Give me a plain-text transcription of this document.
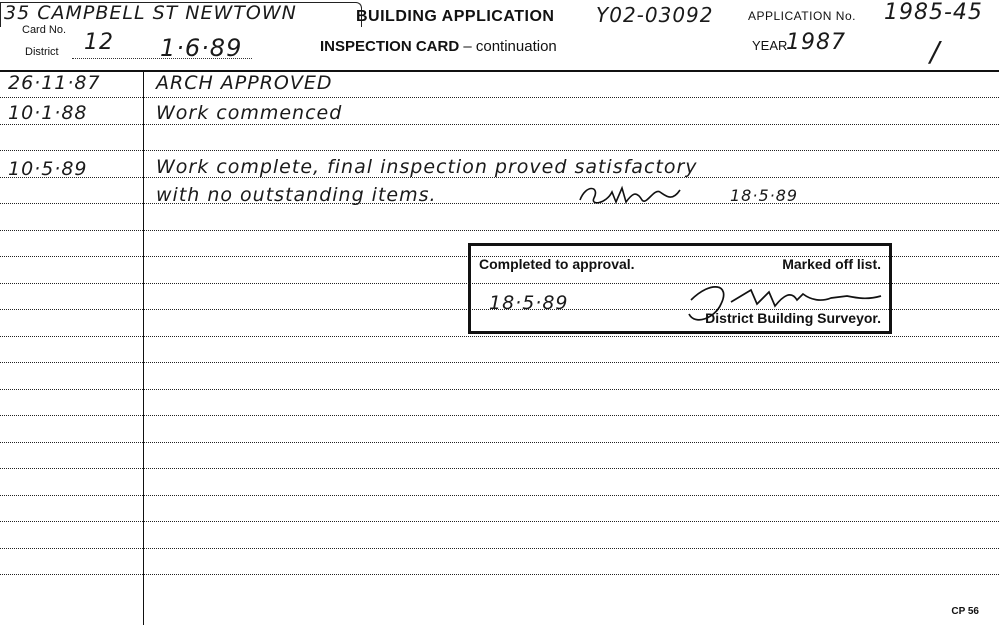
35 CAMPBELL ST NEWTOWN
Card No.
District 12 1·6·89
BUILDING APPLICATION Y02-03092	APPLICATION No. 1985-45
INSPECTION CARD – continuation	YEAR
1987	/
26·11·87	ARCH APPROVED
10·1·88	Work commenced
10·5·89	Work complete, final inspection proved satisfactory
with no outstanding items.	18·5·89
Completed to approval.	Marked off list.
18·5·89
District Building Surveyor.
CP 56
